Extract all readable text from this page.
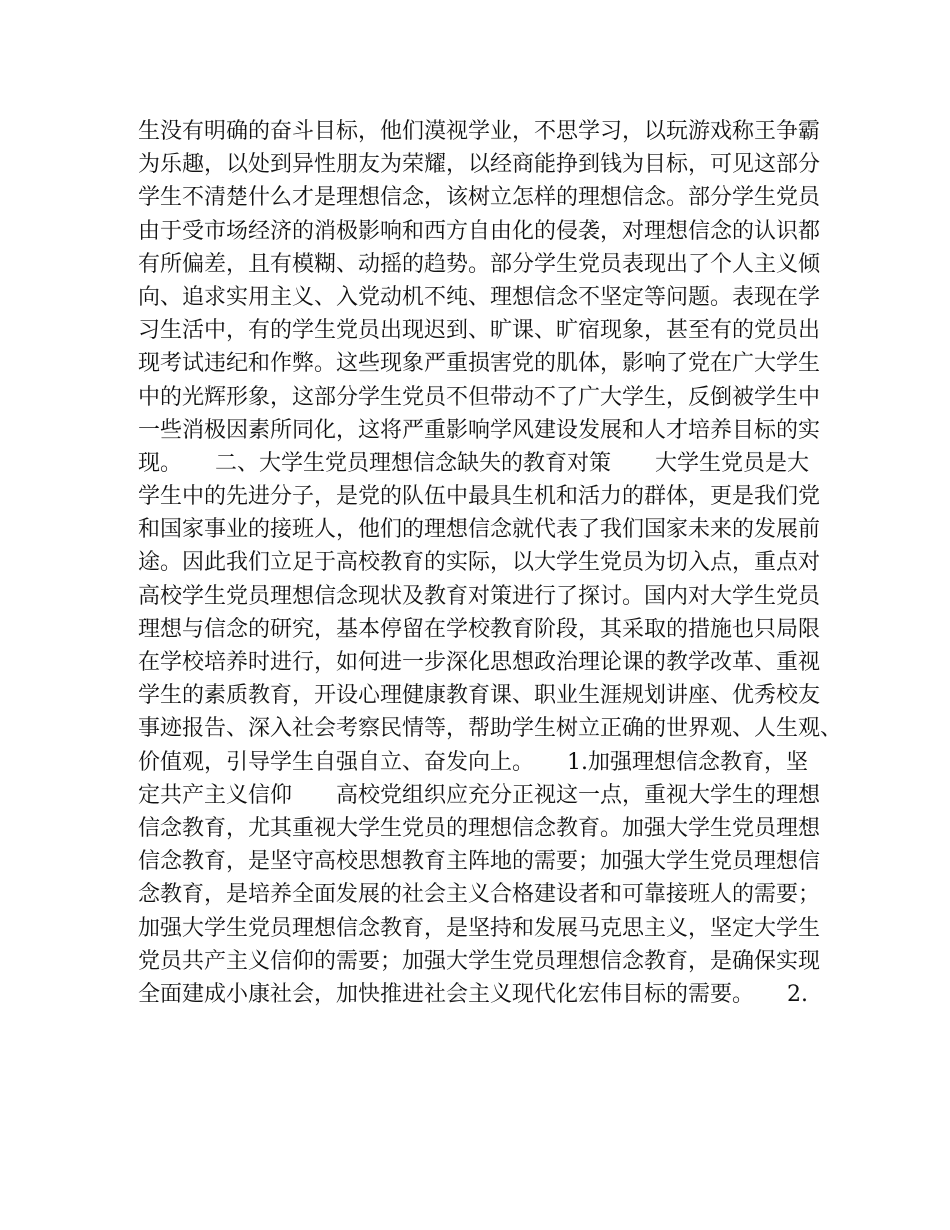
生没有明确的奋斗目标，他们漠视学业，不思学习，以玩游戏称王争霸
为乐趣，以处到异性朋友为荣耀，以经商能挣到钱为目标，可见这部分
学生不清楚什么才是理想信念，该树立怎样的理想信念。部分学生党员
由于受市场经济的消极影响和西方自由化的侵袭，对理想信念的认识都
有所偏差，且有模糊、动摇的趋势。部分学生党员表现出了个人主义倾
向、追求实用主义、入党动机不纯、理想信念不坚定等问题。表现在学
习生活中，有的学生党员出现迟到、旷课、旷宿现象，甚至有的党员出
现考试违纪和作弊。这些现象严重损害党的肌体，影响了党在广大学生
中的光辉形象，这部分学生党员不但带动不了广大学生，反倒被学生中
一些消极因素所同化，这将严重影响学风建设发展和人才培养目标的实
现。　　二、大学生党员理想信念缺失的教育对策　　大学生党员是大
学生中的先进分子，是党的队伍中最具生机和活力的群体，更是我们党
和国家事业的接班人，他们的理想信念就代表了我们国家未来的发展前
途。因此我们立足于高校教育的实际，以大学生党员为切入点，重点对
高校学生党员理想信念现状及教育对策进行了探讨。国内对大学生党员
理想与信念的研究，基本停留在学校教育阶段，其采取的措施也只局限
在学校培养时进行，如何进一步深化思想政治理论课的教学改革、重视
学生的素质教育，开设心理健康教育课、职业生涯规划讲座、优秀校友
事迹报告、深入社会考察民情等，帮助学生树立正确的世界观、人生观、
价值观，引导学生自强自立、奋发向上。　　1.加强理想信念教育，坚
定共产主义信仰　　高校党组织应充分正视这一点，重视大学生的理想
信念教育，尤其重视大学生党员的理想信念教育。加强大学生党员理想
信念教育，是坚守高校思想教育主阵地的需要；加强大学生党员理想信
念教育，是培养全面发展的社会主义合格建设者和可靠接班人的需要；
加强大学生党员理想信念教育，是坚持和发展马克思主义，坚定大学生
党员共产主义信仰的需要；加强大学生党员理想信念教育，是确保实现
全面建成小康社会，加快推进社会主义现代化宏伟目标的需要。　　2.
